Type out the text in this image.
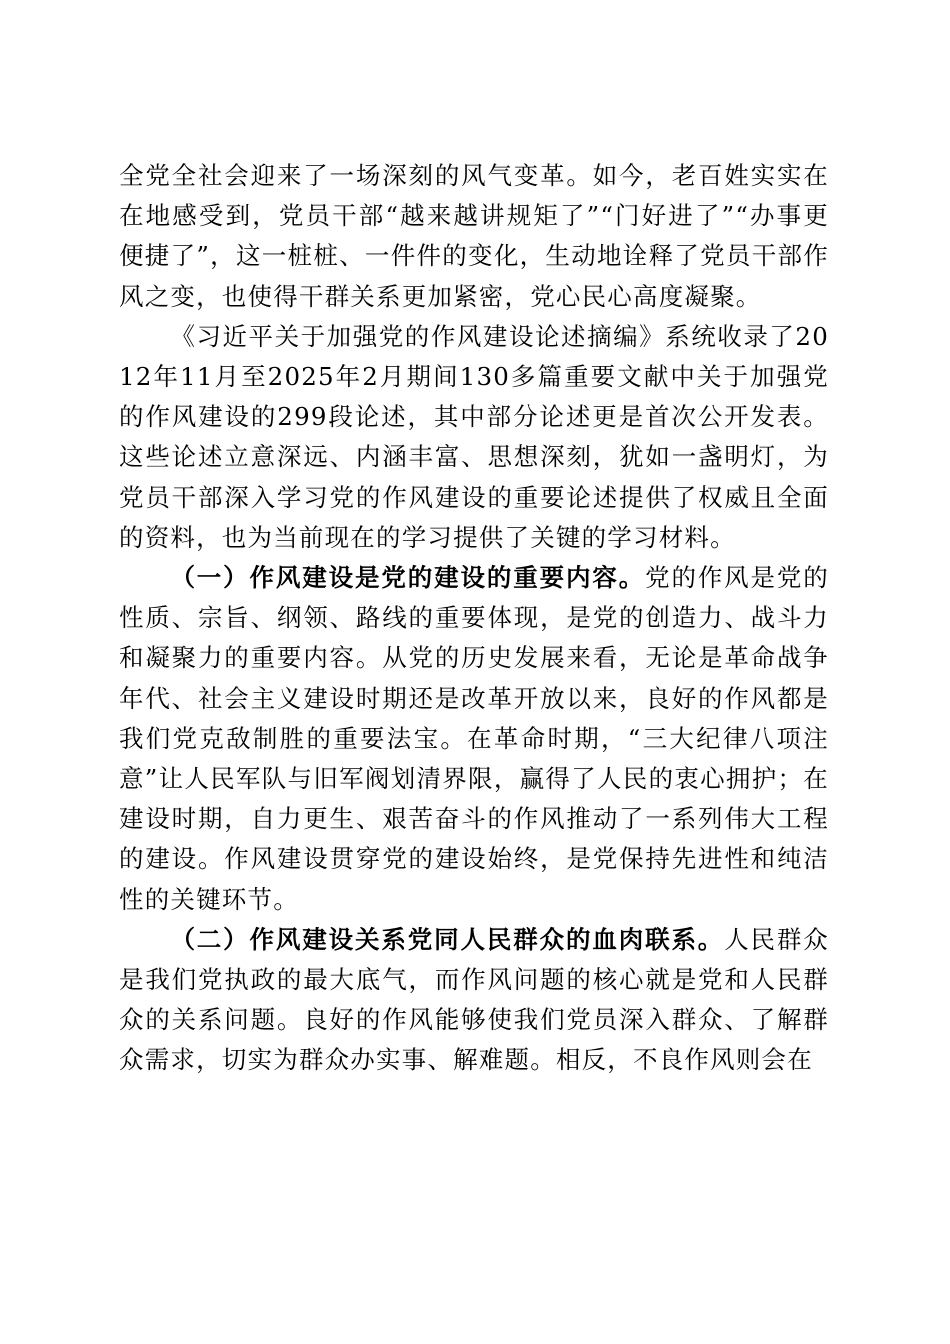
全党全社会迎来了一场深刻的风气变革。如今，老百姓实实在在地感受到，党员干部“越来越讲规矩了”“门好进了”“办事更便捷了”，这一桩桩、一件件的变化，生动地诠释了党员干部作风之变，也使得干群关系更加紧密，党心民心高度凝聚。

《习近平关于加强党的作风建设论述摘编》系统收录了2012年11月至2025年2月期间130多篇重要文献中关于加强党的作风建设的299段论述，其中部分论述更是首次公开发表。这些论述立意深远、内涵丰富、思想深刻，犹如一盏明灯，为党员干部深入学习党的作风建设的重要论述提供了权威且全面的资料，也为当前现在的学习提供了关键的学习材料。

（一）作风建设是党的建设的重要内容。党的作风是党的性质、宗旨、纲领、路线的重要体现，是党的创造力、战斗力和凝聚力的重要内容。从党的历史发展来看，无论是革命战争年代、社会主义建设时期还是改革开放以来，良好的作风都是我们党克敌制胜的重要法宝。在革命时期，“三大纪律八项注意”让人民军队与旧军阀划清界限，赢得了人民的衷心拥护；在建设时期，自力更生、艰苦奋斗的作风推动了一系列伟大工程的建设。作风建设贯穿党的建设始终，是党保持先进性和纯洁性的关键环节。

（二）作风建设关系党同人民群众的血肉联系。人民群众是我们党执政的最大底气，而作风问题的核心就是党和人民群众的关系问题。良好的作风能够使我们党员深入群众、了解群众需求，切实为群众办实事、解难题。相反，不良作风则会在
